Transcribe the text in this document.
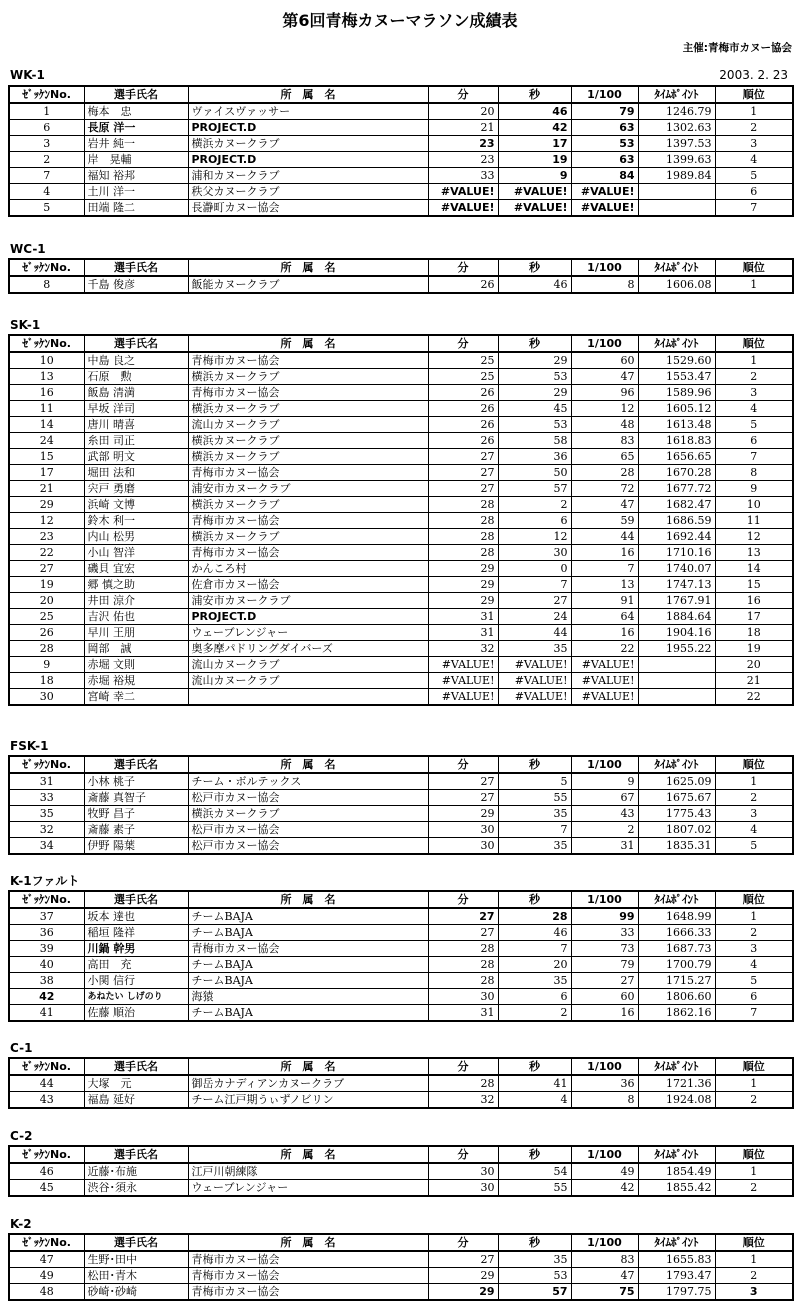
第6回青梅カヌーマラソン成績表
主催:青梅市カヌー協会
2003. 2. 23
WK-1
ｾﾞｯｹﾝNo.	選手氏名	所　属　名	分	秒	1/100	ﾀｲﾑﾎﾟｲﾝﾄ	順位
1	梅本　忠	ヴァイスヴァッサー	20	46	79	1246.79	1
6	長原 洋一	PROJECT.D	21	42	63	1302.63	2
3	岩井 純一	横浜カヌークラブ	23	17	53	1397.53	3
2	岸　晃輔	PROJECT.D	23	19	63	1399.63	4
7	福知 裕邦	浦和カヌークラブ	33	9	84	1989.84	5
4	土川 洋一	秩父カヌークラブ	#VALUE!	#VALUE!	#VALUE!		6
5	田端 隆二	長瀞町カヌー協会	#VALUE!	#VALUE!	#VALUE!		7
WC-1
ｾﾞｯｹﾝNo.	選手氏名	所　属　名	分	秒	1/100	ﾀｲﾑﾎﾟｲﾝﾄ	順位
8	千島 俊彦	飯能カヌークラブ	26	46	8	1606.08	1
SK-1
ｾﾞｯｹﾝNo.	選手氏名	所　属　名	分	秒	1/100	ﾀｲﾑﾎﾟｲﾝﾄ	順位
10	中島 良之	青梅市カヌー協会	25	29	60	1529.60	1
13	石原　勲	横浜カヌークラブ	25	53	47	1553.47	2
16	飯島 清満	青梅市カヌー協会	26	29	96	1589.96	3
11	早坂 洋司	横浜カヌークラブ	26	45	12	1605.12	4
14	唐川 晴喜	流山カヌークラブ	26	53	48	1613.48	5
24	糸田 司正	横浜カヌークラブ	26	58	83	1618.83	6
15	武部 明文	横浜カヌークラブ	27	36	65	1656.65	7
17	堀田 法和	青梅市カヌー協会	27	50	28	1670.28	8
21	宍戸 勇磨	浦安市カヌークラブ	27	57	72	1677.72	9
29	浜崎 文博	横浜カヌークラブ	28	2	47	1682.47	10
12	鈴木 利一	青梅市カヌー協会	28	6	59	1686.59	11
23	内山 松男	横浜カヌークラブ	28	12	44	1692.44	12
22	小山 智洋	青梅市カヌー協会	28	30	16	1710.16	13
27	磯貝 宜宏	かんころ村	29	0	7	1740.07	14
19	郷 慎之助	佐倉市カヌー協会	29	7	13	1747.13	15
20	井田 涼介	浦安市カヌークラブ	29	27	91	1767.91	16
25	吉沢 佑也	PROJECT.D	31	24	64	1884.64	17
26	早川 王朋	ウェーブレンジャー	31	44	16	1904.16	18
28	岡部　誠	奥多摩パドリングダイバーズ	32	35	22	1955.22	19
9	赤堀 文則	流山カヌークラブ	#VALUE!	#VALUE!	#VALUE!		20
18	赤堀 裕規	流山カヌークラブ	#VALUE!	#VALUE!	#VALUE!		21
30	宮崎 幸二		#VALUE!	#VALUE!	#VALUE!		22
FSK-1
ｾﾞｯｹﾝNo.	選手氏名	所　属　名	分	秒	1/100	ﾀｲﾑﾎﾟｲﾝﾄ	順位
31	小林 桃子	チーム・ボルテックス	27	5	9	1625.09	1
33	斎藤 真智子	松戸市カヌー協会	27	55	67	1675.67	2
35	牧野 昌子	横浜カヌークラブ	29	35	43	1775.43	3
32	斎藤 素子	松戸市カヌー協会	30	7	2	1807.02	4
34	伊野 陽葉	松戸市カヌー協会	30	35	31	1835.31	5
K-1ファルト
ｾﾞｯｹﾝNo.	選手氏名	所　属　名	分	秒	1/100	ﾀｲﾑﾎﾟｲﾝﾄ	順位
37	坂本 達也	チームBAJA	27	28	99	1648.99	1
36	稲垣 隆祥	チームBAJA	27	46	33	1666.33	2
39	川鍋 幹男	青梅市カヌー協会	28	7	73	1687.73	3
40	高田　充	チームBAJA	28	20	79	1700.79	4
38	小関 信行	チームBAJA	28	35	27	1715.27	5
42	あねたい しげのり	海猿	30	6	60	1806.60	6
41	佐藤 順治	チームBAJA	31	2	16	1862.16	7
C-1
ｾﾞｯｹﾝNo.	選手氏名	所　属　名	分	秒	1/100	ﾀｲﾑﾎﾟｲﾝﾄ	順位
44	大塚　元	御岳カナディアンカヌークラブ	28	41	36	1721.36	1
43	福島 延好	チーム江戸期うぃずノビリン	32	4	8	1924.08	2
C-2
ｾﾞｯｹﾝNo.	選手氏名	所　属　名	分	秒	1/100	ﾀｲﾑﾎﾟｲﾝﾄ	順位
46	近藤･布施	江戸川朝練隊	30	54	49	1854.49	1
45	渋谷･須永	ウェーブレンジャー	30	55	42	1855.42	2
K-2
ｾﾞｯｹﾝNo.	選手氏名	所　属　名	分	秒	1/100	ﾀｲﾑﾎﾟｲﾝﾄ	順位
47	生野･田中	青梅市カヌー協会	27	35	83	1655.83	1
49	松田･青木	青梅市カヌー協会	29	53	47	1793.47	2
48	砂崎･砂崎	青梅市カヌー協会	29	57	75	1797.75	3
